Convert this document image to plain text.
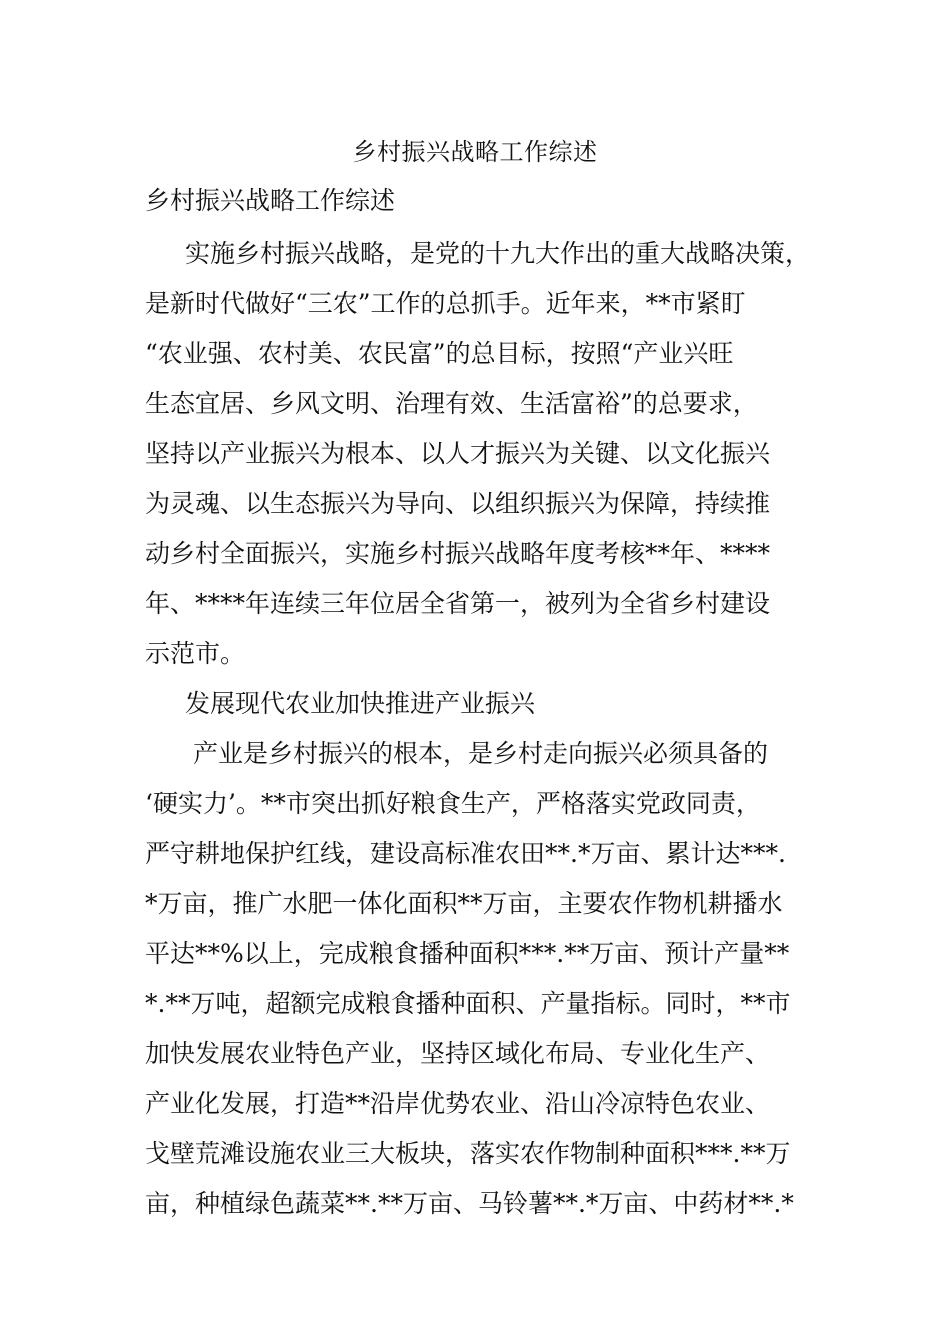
乡村振兴战略工作综述
乡村振兴战略工作综述
实施乡村振兴战略，是党的十九大作出的重大战略决策，
是新时代做好“三农”工作的总抓手。近年来，**市紧盯
“农业强、农村美、农民富”的总目标，按照“产业兴旺
生态宜居、乡风文明、治理有效、生活富裕”的总要求，
坚持以产业振兴为根本、以人才振兴为关键、以文化振兴
为灵魂、以生态振兴为导向、以组织振兴为保障，持续推
动乡村全面振兴，实施乡村振兴战略年度考核**年、****
年、****年连续三年位居全省第一，被列为全省乡村建设
示范市。
发展现代农业加快推进产业振兴
产业是乡村振兴的根本，是乡村走向振兴必须具备的
‘硬实力’。**市突出抓好粮食生产，严格落实党政同责，
严守耕地保护红线，建设高标准农田**.*万亩、累计达***.
*万亩，推广水肥一体化面积**万亩，主要农作物机耕播水
平达**%以上，完成粮食播种面积***.**万亩、预计产量**
*.**万吨，超额完成粮食播种面积、产量指标。同时，**市
加快发展农业特色产业，坚持区域化布局、专业化生产、
产业化发展，打造**沿岸优势农业、沿山冷凉特色农业、
戈壁荒滩设施农业三大板块，落实农作物制种面积***.**万
亩，种植绿色蔬菜**.**万亩、马铃薯**.*万亩、中药材**.*
